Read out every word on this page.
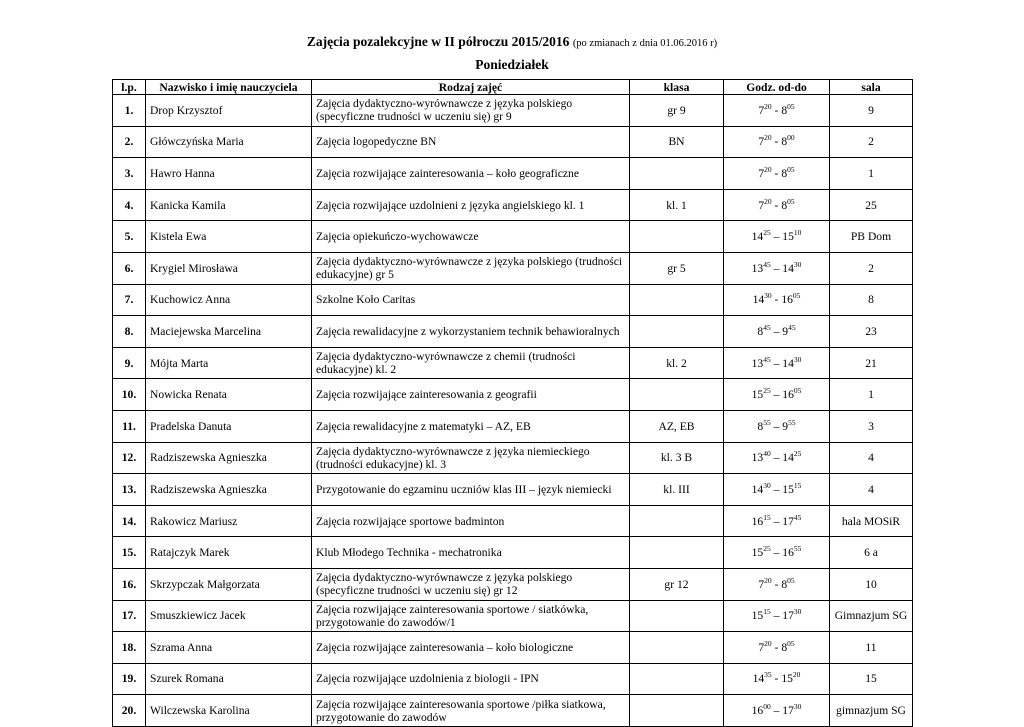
Zajęcia pozalekcyjne w II półroczu 2015/2016 (po zmianach z dnia 01.06.2016 r)
Poniedziałek
l.p.	Nazwisko i imię nauczyciela	Rodzaj zajęć	klasa	Godz. od-do	sala
1.	Drop Krzysztof	Zajęcia dydaktyczno-wyrównawcze z języka polskiego (specyficzne trudności w uczeniu się) gr 9	gr 9	$7^{20} - 8^{05}$	9
2.	Główczyńska Maria	Zajęcia logopedyczne BN	BN	$7^{20} - 8^{00}$	2
3.	Hawro Hanna	Zajęcia rozwijające zainteresowania – koło geograficzne		$7^{20} - 8^{05}$	1
4.	Kanicka Kamila	Zajęcia rozwijające uzdolnieni z języka angielskiego kl. 1	kl. 1	$7^{20} - 8^{05}$	25
5.	Kistela Ewa	Zajęcia opiekuńczo-wychowawcze		$14^{25} - 15^{10}$	PB Dom
6.	Krygiel Mirosława	Zajęcia dydaktyczno-wyrównawcze z języka polskiego (trudności edukacyjne) gr 5	gr 5	$13^{45} - 14^{30}$	2
7.	Kuchowicz Anna	Szkolne Koło Caritas		$14^{30} - 16^{05}$	8
8.	Maciejewska Marcelina	Zajęcia rewalidacyjne z wykorzystaniem technik behawioralnych		$8^{45} - 9^{45}$	23
9.	Mójta Marta	Zajęcia dydaktyczno-wyrównawcze z chemii (trudności edukacyjne) kl. 2	kl. 2	$13^{45} - 14^{30}$	21
10.	Nowicka Renata	Zajęcia rozwijające zainteresowania z geografii		$15^{25} - 16^{05}$	1
11.	Pradelska Danuta	Zajęcia rewalidacyjne z matematyki – AZ, EB	AZ, EB	$8^{55} - 9^{55}$	3
12.	Radziszewska Agnieszka	Zajęcia dydaktyczno-wyrównawcze z języka niemieckiego (trudności edukacyjne) kl. 3	kl. 3 B	$13^{40} - 14^{25}$	4
13.	Radziszewska Agnieszka	Przygotowanie do egzaminu uczniów klas III – język niemiecki	kl. III	$14^{30} - 15^{15}$	4
14.	Rakowicz Mariusz	Zajęcia rozwijające sportowe badminton		$16^{15} - 17^{45}$	hala MOSiR
15.	Ratajczyk Marek	Klub Młodego Technika - mechatronika		$15^{25} - 16^{55}$	6 a
16.	Skrzypczak Małgorzata	Zajęcia dydaktyczno-wyrównawcze z języka polskiego (specyficzne trudności w uczeniu się) gr 12	gr 12	$7^{20} - 8^{05}$	10
17.	Smuszkiewicz Jacek	Zajęcia rozwijające zainteresowania sportowe / siatkówka, przygotowanie do zawodów/1		$15^{15} - 17^{30}$	Gimnazjum SG
18.	Szrama Anna	Zajęcia rozwijające zainteresowania – koło biologiczne		$7^{20} - 8^{05}$	11
19.	Szurek Romana	Zajęcia rozwijające uzdolnienia z biologii - IPN		$14^{35} - 15^{20}$	15
20.	Wilczewska Karolina	Zajęcia rozwijające zainteresowania sportowe /piłka siatkowa, przygotowanie do zawodów		$16^{00} - 17^{30}$	gimnazjum SG
